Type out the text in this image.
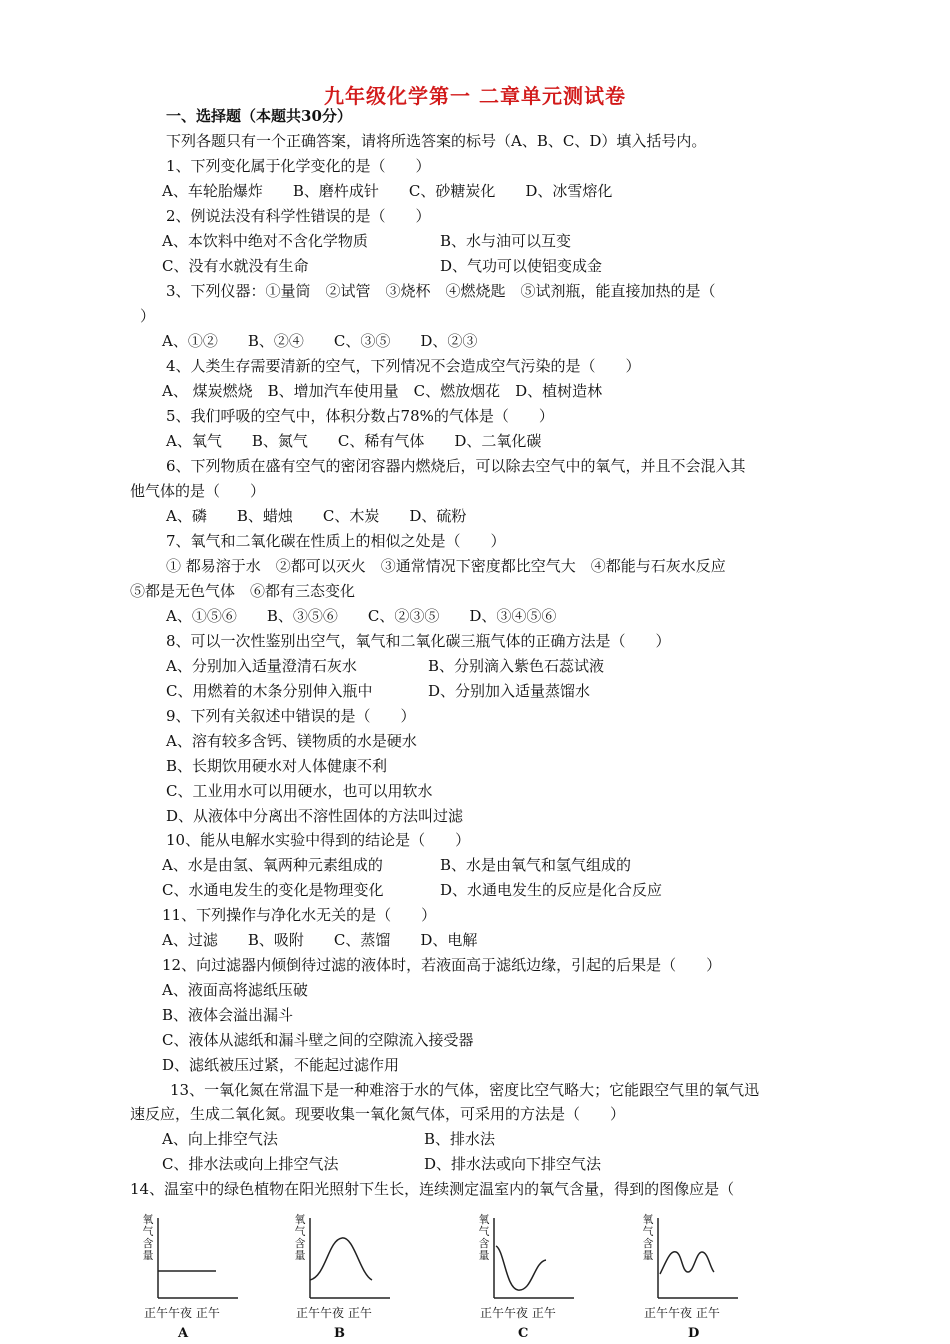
九年级化学第一 二章单元测试卷
一、选择题（本题共30分）
下列各题只有一个正确答案，请将所选答案的标号（A、B、C、D）填入括号内。
1、下列变化属于化学变化的是（　　）
A、车轮胎爆炸　　B、磨杵成针　　C、砂糖炭化　　D、冰雪熔化
2、例说法没有科学性错误的是（　　）
A、本饮料中绝对不含化学物质	B、水与油可以互变
C、没有水就没有生命	D、气功可以使铝变成金
3、下列仪器：①量筒　②试管　③烧杯　④燃烧匙　⑤试剂瓶，能直接加热的是（
）
A、①②　　B、②④　　C、③⑤　　D、②③
4、人类生存需要清新的空气，下列情况不会造成空气污染的是（　　）
A、 煤炭燃烧　B、增加汽车使用量　C、燃放烟花　D、植树造林
5、我们呼吸的空气中，体积分数占78%的气体是（　　）
A、氧气　　B、氮气　　C、稀有气体　　D、二氧化碳
6、下列物质在盛有空气的密闭容器内燃烧后，可以除去空气中的氧气，并且不会混入其
他气体的是（　　）
A、磷　　B、蜡烛　　C、木炭　　D、硫粉
7、氧气和二氧化碳在性质上的相似之处是（　　）
① 都易溶于水　②都可以灭火　③通常情况下密度都比空气大　④都能与石灰水反应
⑤都是无色气体　⑥都有三态变化
A、①⑤⑥　　B、③⑤⑥　　C、②③⑤　　D、③④⑤⑥
8、可以一次性鉴别出空气，氧气和二氧化碳三瓶气体的正确方法是（　　）
A、分别加入适量澄清石灰水	B、分别滴入紫色石蕊试液
C、用燃着的木条分别伸入瓶中	D、分别加入适量蒸馏水
9、下列有关叙述中错误的是（　　）
A、溶有较多含钙、镁物质的水是硬水
B、长期饮用硬水对人体健康不利
C、工业用水可以用硬水，也可以用软水
D、从液体中分离出不溶性固体的方法叫过滤
10、能从电解水实验中得到的结论是（　　）
A、水是由氢、氧两种元素组成的	B、水是由氧气和氢气组成的
C、水通电发生的变化是物理变化	D、水通电发生的反应是化合反应
11、下列操作与净化水无关的是（　　）
A、过滤　　B、吸附　　C、蒸馏　　D、电解
12、向过滤器内倾倒待过滤的液体时，若液面高于滤纸边缘，引起的后果是（　　）
A、液面高将滤纸压破
B、液体会溢出漏斗
C、液体从滤纸和漏斗壁之间的空隙流入接受器
D、滤纸被压过紧，不能起过滤作用
13、一氧化氮在常温下是一种难溶于水的气体，密度比空气略大；它能跟空气里的氧气迅
速反应，生成二氧化氮。现要收集一氧化氮气体，可采用的方法是（　　）
A、向上排空气法	B、排水法
C、排水法或向上排空气法	D、排水法或向下排空气法
14、温室中的绿色植物在阳光照射下生长，连续测定温室内的氧气含量，得到的图像应是（
氧气含量
正午午夜 正午
A
氧气含量
正午午夜 正午
B
氧气含量
正午午夜 正午
C
氧气含量
正午午夜 正午
D
